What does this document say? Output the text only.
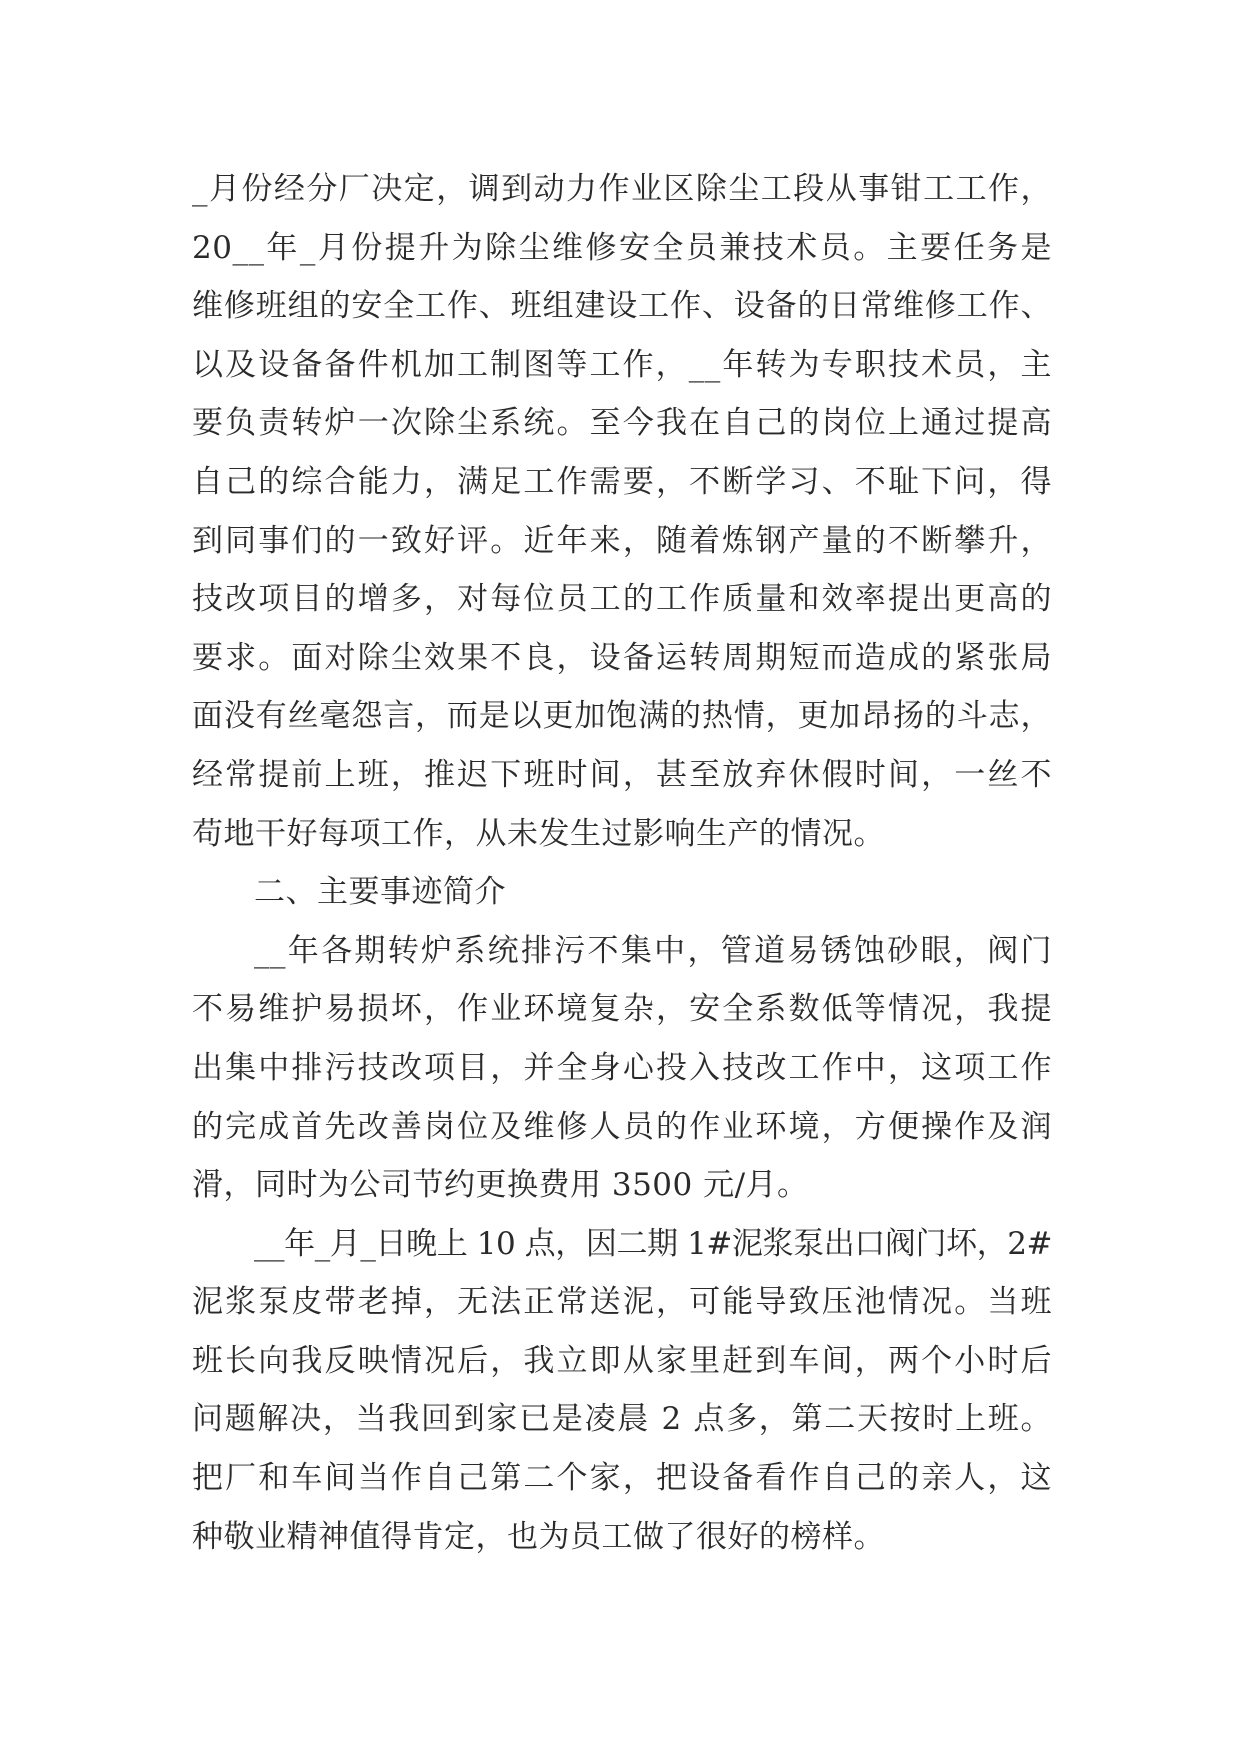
_月份经分厂决定，调到动力作业区除尘工段从事钳工工作，
20__年_月份提升为除尘维修安全员兼技术员。主要任务是
维修班组的安全工作、班组建设工作、设备的日常维修工作、
以及设备备件机加工制图等工作，__年转为专职技术员，主
要负责转炉一次除尘系统。至今我在自己的岗位上通过提高
自己的综合能力，满足工作需要，不断学习、不耻下问，得
到同事们的一致好评。近年来，随着炼钢产量的不断攀升，
技改项目的增多，对每位员工的工作质量和效率提出更高的
要求。面对除尘效果不良，设备运转周期短而造成的紧张局
面没有丝毫怨言，而是以更加饱满的热情，更加昂扬的斗志，
经常提前上班，推迟下班时间，甚至放弃休假时间，一丝不
苟地干好每项工作，从未发生过影响生产的情况。
二、主要事迹简介
__年各期转炉系统排污不集中，管道易锈蚀砂眼，阀门
不易维护易损坏，作业环境复杂，安全系数低等情况，我提
出集中排污技改项目，并全身心投入技改工作中，这项工作
的完成首先改善岗位及维修人员的作业环境，方便操作及润
滑，同时为公司节约更换费用 3500 元/月。
__年_月_日晚上 10 点，因二期 1#泥浆泵出口阀门坏，2#
泥浆泵皮带老掉，无法正常送泥，可能导致压池情况。当班
班长向我反映情况后，我立即从家里赶到车间，两个小时后
问题解决，当我回到家已是凌晨 2 点多，第二天按时上班。
把厂和车间当作自己第二个家，把设备看作自己的亲人，这
种敬业精神值得肯定，也为员工做了很好的榜样。
